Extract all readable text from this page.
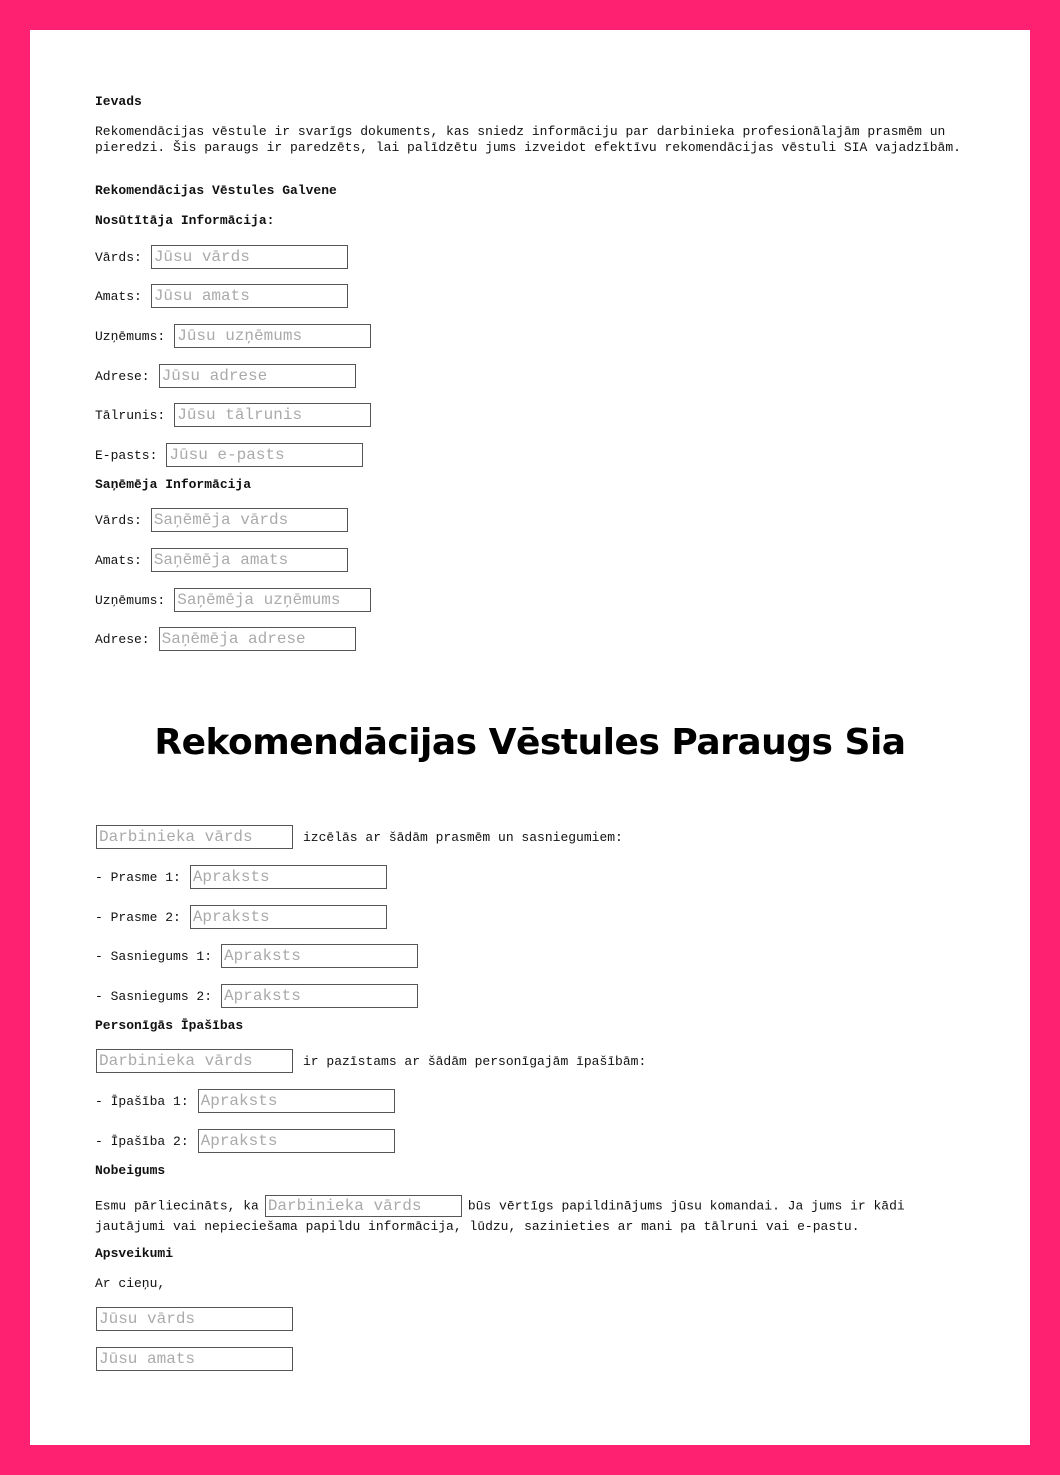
Ievads

Rekomendācijas vēstule ir svarīgs dokuments, kas sniedz informāciju par darbinieka profesionālajām prasmēm un pieredzi. Šis paraugs ir paredzēts, lai palīdzētu jums izveidot efektīvu rekomendācijas vēstuli SIA vajadzībām.

Rekomendācijas Vēstules Galvene

Nosūtītāja Informācija:

Vārds:
Jūsu vārds
Amats:
Jūsu amats
Uzņēmums:
Jūsu uzņēmums
Adrese:
Jūsu adrese
Tālrunis:
Jūsu tālrunis
E-pasts:
Jūsu e-pasts

Saņēmēja Informācija

Vārds:
Saņēmēja vārds
Amats:
Saņēmēja amats
Uzņēmums:
Saņēmēja uzņēmums
Adrese:
Saņēmēja adrese
Rekomendācijas Vēstules Paraugs Sia
Darbinieka vārds
izcēlās ar šādām prasmēm un sasniegumiem:
- Prasme 1:
Apraksts
- Prasme 2:
Apraksts
- Sasniegums 1:
Apraksts
- Sasniegums 2:
Apraksts

Personīgās Īpašības

Darbinieka vārds
ir pazīstams ar šādām personīgajām īpašībām:
- Īpašība 1:
Apraksts
- Īpašība 2:
Apraksts

Nobeigums

Esmu pārliecināts, kaDarbinieka vārds	būs vērtīgs papildinājums jūsu komandai. Ja jums ir kādi jautājumi vai nepieciešama papildu informācija, lūdzu, sazinieties ar mani pa tālruni vai e-pastu.

Apsveikumi

Ar cieņu,

Jūsu vārds
Jūsu amats
